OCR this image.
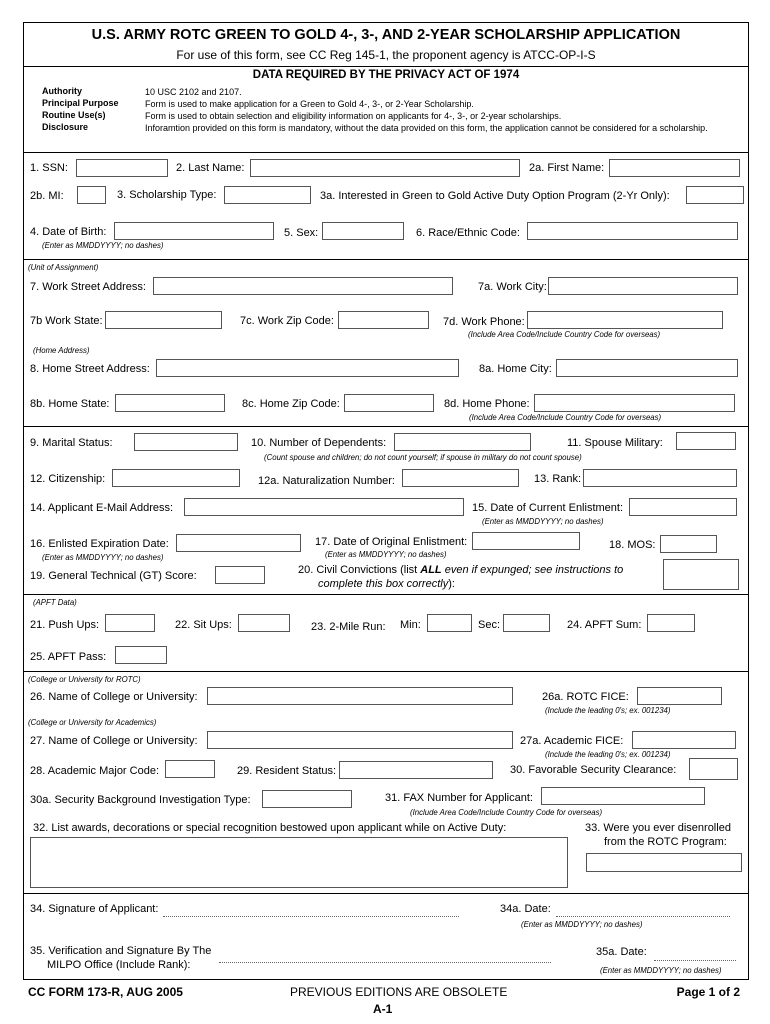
U.S. ARMY ROTC GREEN TO GOLD 4-, 3-, AND 2-YEAR SCHOLARSHIP APPLICATION
For use of this form, see CC Reg 145-1, the proponent agency is ATCC-OP-I-S
DATA REQUIRED BY THE PRIVACY ACT OF 1974
Authority	10 USC 2102 and 2107.
Principal Purpose	Form is used to make application for a Green to Gold 4-, 3-, or 2-Year Scholarship.
Routine Use(s)	Form is used to obtain selection and eligibility information on applicants for 4-, 3-, or 2-year scholarships.
Disclosure	Inforamtion provided on this form is mandatory, without the data provided on this form, the application cannot be considered for a scholarship.
1. SSN:	2. Last Name:	2a. First Name:
2b. MI:	3. Scholarship Type:	3a. Interested in Green to Gold Active Duty Option Program (2-Yr Only):
4. Date of Birth:
(Enter as MMDDYYYY; no dashes)
5. Sex:	6. Race/Ethnic Code:
(Unit of Assignment)
7. Work Street Address:	7a. Work City:
7b Work State:	7c. Work Zip Code:	7d. Work Phone:
(Include Area Code/Include Country Code for overseas)
(Home Address)
8. Home Street Address:	8a. Home City:
8b. Home State:	8c. Home Zip Code:	8d. Home Phone:
(Include Area Code/Include Country Code for overseas)
9. Marital Status:	10. Number of Dependents:
(Count spouse and children; do not count yourself; if spouse in military do not count spouse)
11. Spouse Military:
12. Citizenship:	12a. Naturalization Number:	13. Rank:
14. Applicant E-Mail Address:	15. Date of Current Enlistment:
(Enter as MMDDYYYY; no dashes)
16. Enlisted Expiration Date:
(Enter as MMDDYYYY; no dashes)
17. Date of Original Enlistment:
(Enter as MMDDYYYY; no dashes)
18. MOS:
19. General Technical (GT) Score:	20. Civil Convictions (list ALL even if expunged; see instructions to
complete this box correctly):
(APFT Data)
21. Push Ups:	22. Sit Ups:	23. 2-Mile Run: Min:	Sec:	24. APFT Sum:
25. APFT Pass:
(College or University for ROTC)
26. Name of College or University:	26a. ROTC FICE:
(Include the leading 0's; ex. 001234)
(College or University for Academics)
27. Name of College or University:	27a. Academic FICE:
(Include the leading 0's; ex. 001234)
28. Academic Major Code:	29. Resident Status:	30. Favorable Security Clearance:
30a. Security Background Investigation Type:	31. FAX Number for Applicant:
(Include Area Code/Include Country Code for overseas)
32. List awards, decorations or special recognition bestowed upon applicant while on Active Duty:	33. Were you ever disenrolled
from the ROTC Program:
34. Signature of Applicant:	34a. Date:
(Enter as MMDDYYYY; no dashes)
35. Verification and Signature By The
MILPO Office (Include Rank):
35a. Date:
(Enter as MMDDYYYY; no dashes)
CC FORM 173-R, AUG 2005	PREVIOUS EDITIONS ARE OBSOLETE	Page 1 of 2
A-1
